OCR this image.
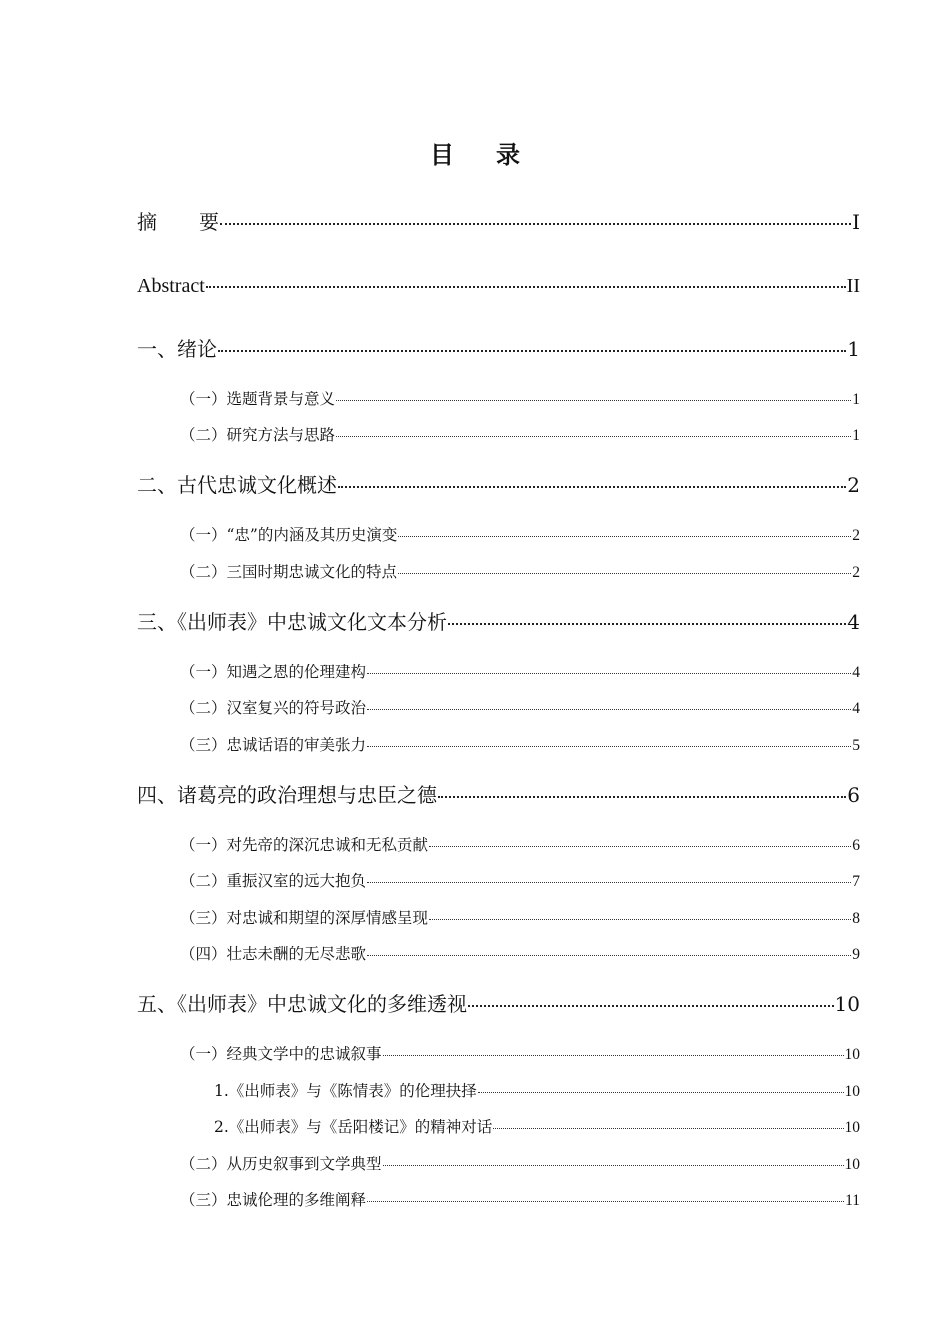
目 录
摘 要	I
Abstract	II
一、绪论	1
（一）选题背景与意义	1
（二）研究方法与思路	1
二、古代忠诚文化概述	2
（一）“忠”的内涵及其历史演变	2
（二）三国时期忠诚文化的特点	2
三、《出师表》中忠诚文化文本分析	4
（一）知遇之恩的伦理建构	4
（二）汉室复兴的符号政治	4
（三）忠诚话语的审美张力	5
四、诸葛亮的政治理想与忠臣之德	6
（一）对先帝的深沉忠诚和无私贡献	6
（二）重振汉室的远大抱负	7
（三）对忠诚和期望的深厚情感呈现	8
（四）壮志未酬的无尽悲歌	9
五、《出师表》中忠诚文化的多维透视	10
（一）经典文学中的忠诚叙事	10
1.《出师表》与《陈情表》的伦理抉择	10
2.《出师表》与《岳阳楼记》的精神对话	10
（二）从历史叙事到文学典型	10
（三）忠诚伦理的多维阐释	11
